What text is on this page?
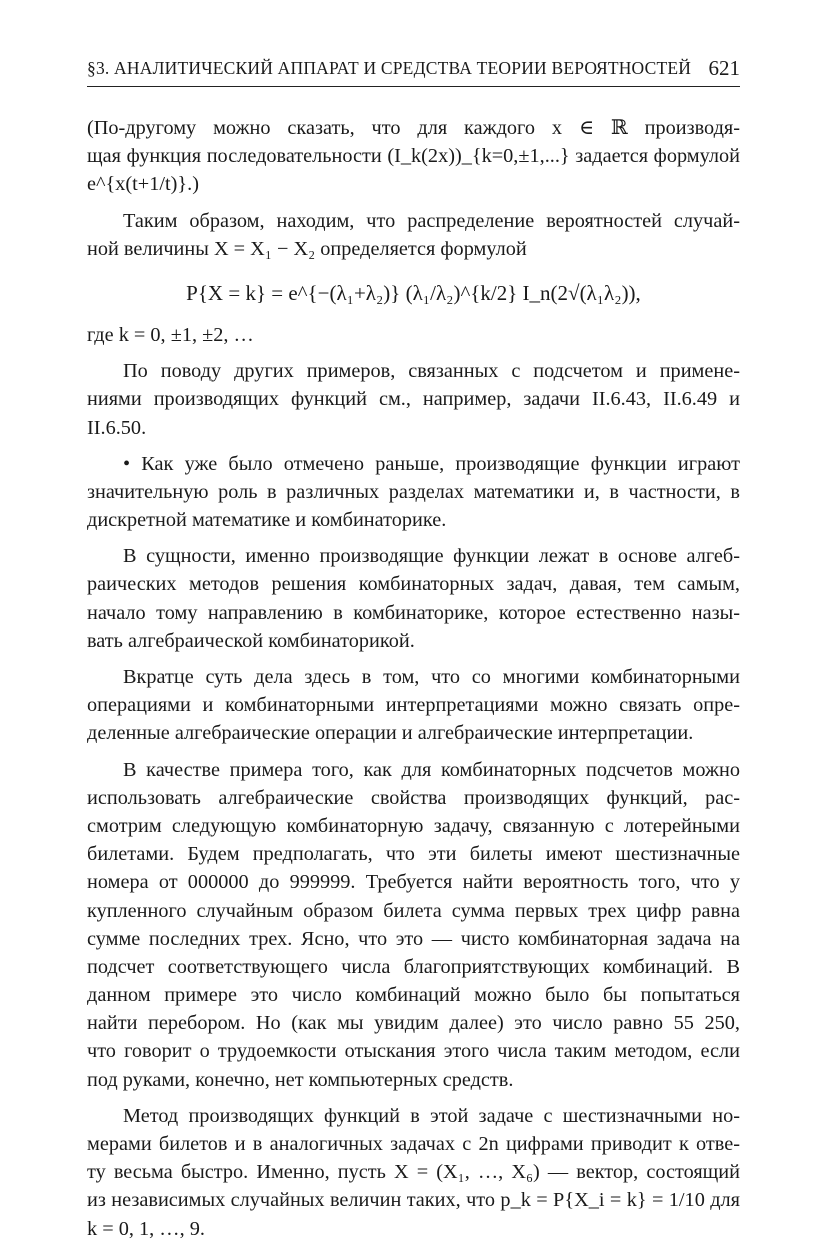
§3. АНАЛИТИЧЕСКИЙ АППАРАТ И СРЕДСТВА ТЕОРИИ ВЕРОЯТНОСТЕЙ 621
(По-другому можно сказать, что для каждого x ∈ ℝ производя-
щая функция последовательности (I_k(2x))_{k=0,±1,...} задается формулой
e^{x(t+1/t)}.)
Таким образом, находим, что распределение вероятностей случай-
ной величины X = X₁ − X₂ определяется формулой
P{X = k} = e^{−(λ₁+λ₂)} (λ₁/λ₂)^{k/2} I_n(2√(λ₁λ₂)),
где k = 0, ±1, ±2, …
По поводу других примеров, связанных с подсчетом и примене-
ниями производящих функций см., например, задачи II.6.43, II.6.49 и
II.6.50.
• Как уже было отмечено раньше, производящие функции играют
значительную роль в различных разделах математики и, в частности, в
дискретной математике и комбинаторике.
В сущности, именно производящие функции лежат в основе алгеб-
раических методов решения комбинаторных задач, давая, тем самым,
начало тому направлению в комбинаторике, которое естественно назы-
вать алгебраической комбинаторикой.
Вкратце суть дела здесь в том, что со многими комбинаторными
операциями и комбинаторными интерпретациями можно связать опре-
деленные алгебраические операции и алгебраические интерпретации.
В качестве примера того, как для комбинаторных подсчетов можно
использовать алгебраические свойства производящих функций, рас-
смотрим следующую комбинаторную задачу, связанную с лотерейными
билетами. Будем предполагать, что эти билеты имеют шестизначные
номера от 000000 до 999999. Требуется найти вероятность того, что у
купленного случайным образом билета сумма первых трех цифр равна
сумме последних трех. Ясно, что это — чисто комбинаторная задача на
подсчет соответствующего числа благоприятствующих комбинаций. В
данном примере это число комбинаций можно было бы попытаться
найти перебором. Но (как мы увидим далее) это число равно 55 250,
что говорит о трудоемкости отыскания этого числа таким методом, если
под руками, конечно, нет компьютерных средств.
Метод производящих функций в этой задаче с шестизначными но-
мерами билетов и в аналогичных задачах с 2n цифрами приводит к отве-
ту весьма быстро. Именно, пусть X = (X₁, …, X₆) — вектор, состоящий
из независимых случайных величин таких, что p_k = P{X_i = k} = 1/10 для
k = 0, 1, …, 9.
